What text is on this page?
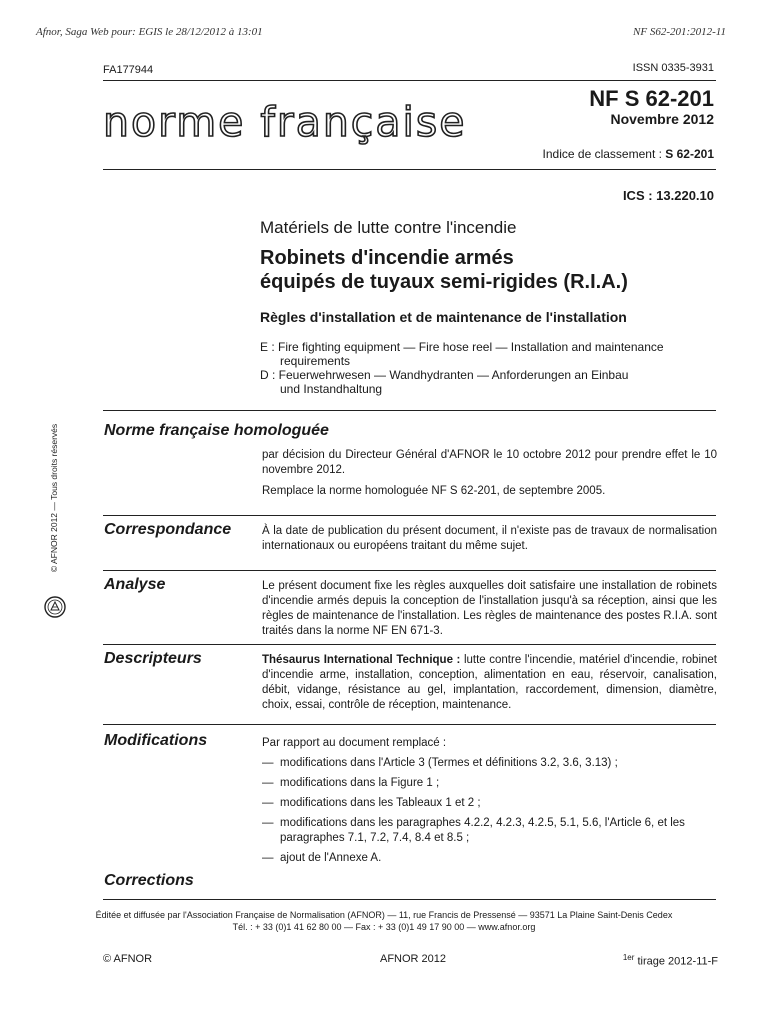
Afnor, Saga Web pour: EGIS le 28/12/2012 à 13:01	NF S62-201:2012-11
FA177944	ISSN 0335-3931
norme française	NF S 62-201
Novembre 2012
Indice de classement : S 62-201
ICS : 13.220.10
Matériels de lutte contre l'incendie
Robinets d'incendie armés
équipés de tuyaux semi-rigides (R.I.A.)
Règles d'installation et de maintenance de l'installation
E : Fire fighting equipment — Fire hose reel — Installation and maintenance
requirements
D : Feuerwehrwesen — Wandhydranten — Anforderungen an Einbau
und Instandhaltung
Norme française homologuée

par décision du Directeur Général d'AFNOR le 10 octobre 2012 pour prendre effet le 10 novembre 2012.

Remplace la norme homologuée NF S 62-201, de septembre 2005.

Correspondance	À la date de publication du présent document, il n'existe pas de travaux de normalisation internationaux ou européens traitant du même sujet.
Analyse	Le présent document fixe les règles auxquelles doit satisfaire une installation de robinets d'incendie armés depuis la conception de l'installation jusqu'à sa réception, ainsi que les règles de maintenance de l'installation. Les règles de maintenance des postes R.I.A. sont traités dans la norme NF EN 671-3.
Descripteurs	Thésaurus International Technique : lutte contre l'incendie, matériel d'incendie, robinet d'incendie arme, installation, conception, alimentation en eau, réservoir, canalisation, débit, vidange, résistance au gel, implantation, raccordement, dimension, diamètre, choix, essai, contrôle de réception, maintenance.
Modifications	Par rapport au document remplacé :
— modifications dans l'Article 3 (Termes et définitions 3.2, 3.6, 3.13) ;
— modifications dans la Figure 1 ;
— modifications dans les Tableaux 1 et 2 ;
— modifications dans les paragraphes 4.2.2, 4.2.3, 4.2.5, 5.1, 5.6, l'Article 6, et les paragraphes 7.1, 7.2, 7.4, 8.4 et 8.5 ;
— ajout de l'Annexe A.
Corrections
Éditée et diffusée par l'Association Française de Normalisation (AFNOR) — 11, rue Francis de Pressensé — 93571 La Plaine Saint-Denis Cedex
Tél. : + 33 (0)1 41 62 80 00 — Fax : + 33 (0)1 49 17 90 00 — www.afnor.org
© AFNOR	AFNOR 2012	$^{1er}$ tirage 2012-11-F
© AFNOR 2012 — Tous droits réservés
